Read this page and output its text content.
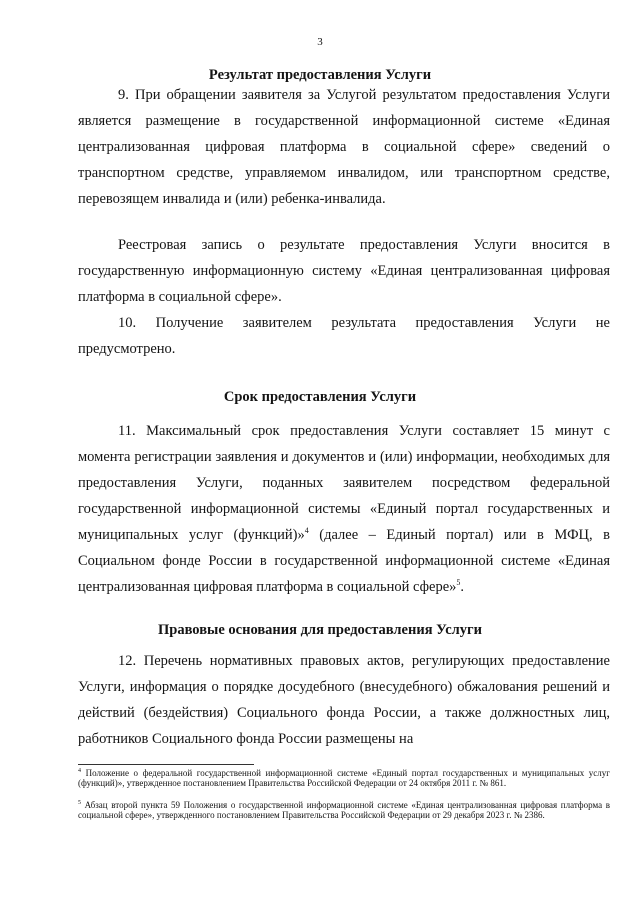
3
Результат предоставления Услуги

9. При обращении заявителя за Услугой результатом предоставления Услуги является размещение в государственной информационной системе «Единая централизованная цифровая платформа в социальной сфере» сведений о транспортном средстве, управляемом инвалидом, или транспортном средстве, перевозящем инвалида и (или) ребенка-инвалида.

Реестровая запись о результате предоставления Услуги вносится в государственную информационную систему «Единая централизованная цифровая платформа в социальной сфере».

10. Получение заявителем результата предоставления Услуги не предусмотрено.

Срок предоставления Услуги

11. Максимальный срок предоставления Услуги составляет 15 минут с момента регистрации заявления и документов и (или) информации, необходимых для предоставления Услуги, поданных заявителем посредством федеральной государственной информационной системы «Единый портал государственных и муниципальных услуг (функций)»$^4$ (далее – Единый портал) или в МФЦ, в Социальном фонде России в государственной информационной системе «Единая централизованная цифровая платформа в социальной сфере»$^5$.

Правовые основания для предоставления Услуги

12. Перечень нормативных правовых актов, регулирующих предоставление Услуги, информация о порядке досудебного (внесудебного) обжалования решений и действий (бездействия) Социального фонда России, а также должностных лиц, работников Социального фонда России размещены на

$^4$ Положение о федеральной государственной информационной системе «Единый портал государственных и муниципальных услуг (функций)», утвержденное постановлением Правительства Российской Федерации от 24 октября 2011 г. № 861.

$^5$ Абзац второй пункта 59 Положения о государственной информационной системе «Единая централизованная цифровая платформа в социальной сфере», утвержденного постановлением Правительства Российской Федерации от 29 декабря 2023 г. № 2386.
